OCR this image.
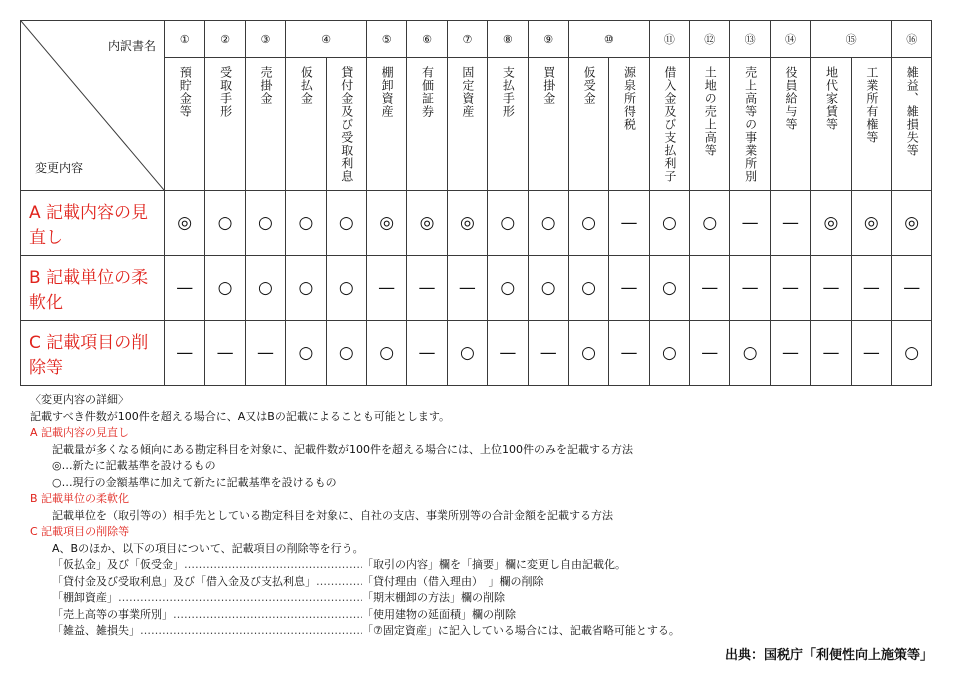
内訳書名
変更内容	①	②	③	④		⑤	⑥	⑦	⑧	⑨	⑩		⑪	⑫	⑬	⑭	⑮		⑯
	預貯金等	受取手形	売掛金	仮払金	貸付金及び受取利息	棚卸資産	有価証券	固定資産	支払手形	買掛金	仮受金	源泉所得税	借入金及び支払利子	土地の売上高等	売上高等の事業所別	役員給与等	地代家賃等	工業所有権等	雑益、雑損失等
A 記載内容の見直し	◎	○	○	○	○	◎	◎	◎	○	○	○	—	○	○	—	—	◎	◎	◎
B 記載単位の柔軟化	—	○	○	○	○	—	—	—	○	○	○	—	○	—	—	—	—	—	—
C 記載項目の削除等	—	—	—	○	○	○	—	○	—	—	○	—	○	—	○	—	—	—	○
〈変更内容の詳細〉
記載すべき件数が100件を超える場合に、A又はBの記載によることも可能とします。
A 記載内容の見直し
記載量が多くなる傾向にある勘定科目を対象に、記載件数が100件を超える場合には、上位100件のみを記載する方法
◎…新たに記載基準を設けるもの
○…現行の金額基準に加えて新たに記載基準を設けるもの
B 記載単位の柔軟化
記載単位を（取引等の）相手先としている勘定科目を対象に、自社の支店、事業所別等の合計金額を記載する方法
C 記載項目の削除等
A、Bのほか、以下の項目について、記載項目の削除等を行う。
「仮払金」及び「仮受金」 …………………………………………………………………………	「取引の内容」欄を「摘要」欄に変更し自由記載化。
「貸付金及び受取利息」及び「借入金及び支払利息」 …………………………………………………………………………	「貸付理由（借入理由）　」欄の削除
「棚卸資産」 …………………………………………………………………………	「期末棚卸の方法」欄の削除
「売上高等の事業所別」 …………………………………………………………………………	「使用建物の延面積」欄の削除
「雑益、雑損失」 …………………………………………………………………………	「⑦固定資産」に記入している場合には、記載省略可能とする。
出典：国税庁「利便性向上施策等」
